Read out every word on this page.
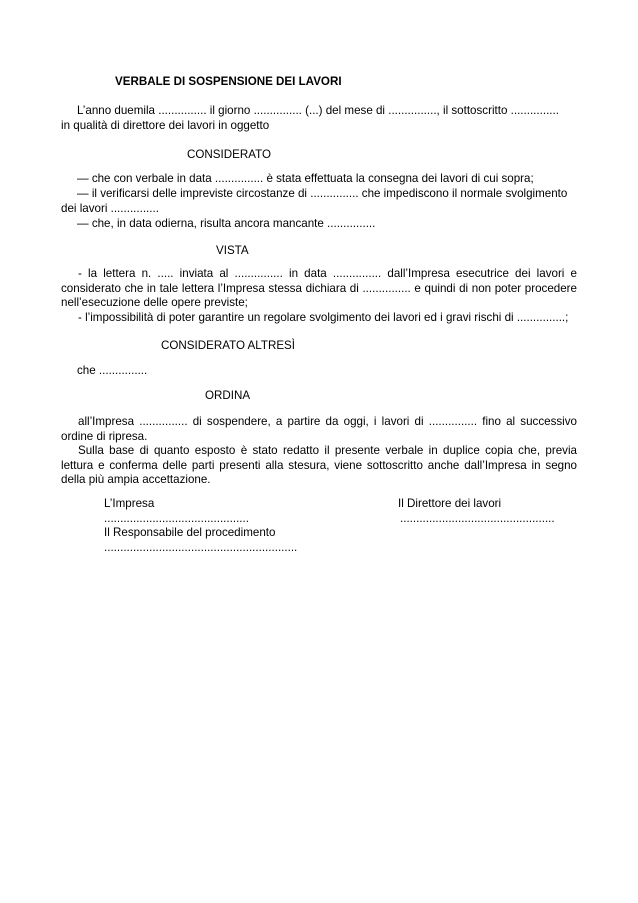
VERBALE DI SOSPENSIONE DEI LAVORI
L’anno duemila ............... il giorno ............... (...) del mese di ..............., il sottoscritto ...............
in qualità di direttore dei lavori in oggetto
CONSIDERATO
— che con verbale in data ............... è stata effettuata la consegna dei lavori di cui sopra;
— il verificarsi delle impreviste circostanze di ............... che impediscono il normale svolgimento
dei lavori ...............
— che, in data odierna, risulta ancora mancante ...............
VISTA
- la lettera n. ..... inviata al ............... in data ............... dall’Impresa esecutrice dei lavori e considerato che in tale lettera l’Impresa stessa dichiara di ............... e quindi di non poter procedere nell’esecuzione delle opere previste;
- l’impossibilità di poter garantire un regolare svolgimento dei lavori ed i gravi rischi di ...............;
CONSIDERATO ALTRESÌ
che ...............
ORDINA
all’Impresa ............... di sospendere, a partire da oggi, i lavori di ............... fino al successivo ordine di ripresa.
Sulla base di quanto esposto è stato redatto il presente verbale in duplice copia che, previa lettura e conferma delle parti presenti alla stesura, viene sottoscritto anche dall’Impresa in segno della più ampia accettazione.
L’Impresa
.............................................
Il Direttore dei lavori
................................................
Il Responsabile del procedimento
............................................................
